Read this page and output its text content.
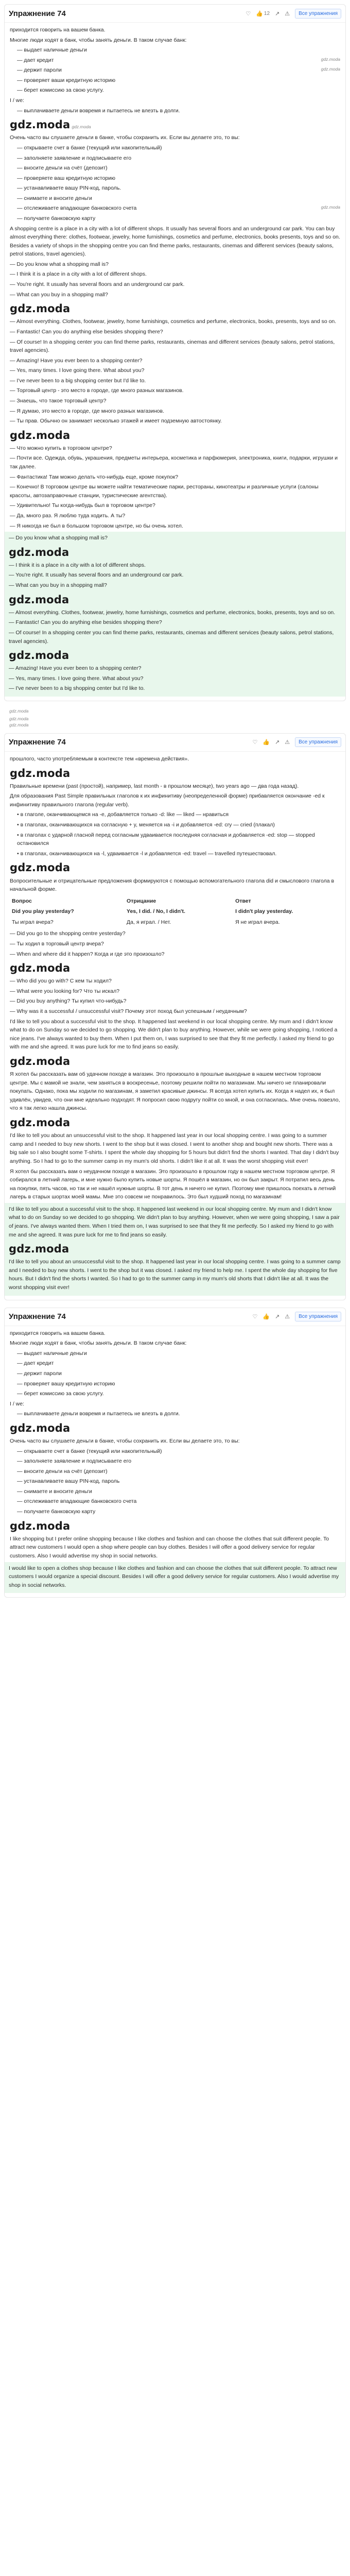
Упражнение 74	♡ 👍 12 ↗ ⚠	Все упражнения

приходится говорить на вашем банка.

Многие люди ходят в банк, чтобы занять деньги. В таком случае банк:

— выдает наличные деньги

— дает кредит	gdz.moda

— держит пароли	gdz.moda

— проверяет ваши кредитную историю

— берет комиссию за свою услугу.

I / we:

— выплачиваете деньги вовремя и пытаетесь не влезть в долги.

gdz.moda gdz.moda

Очень часто вы слушаете деньги в банке, чтобы сохранить их. Если вы делаете это, то вы:

— открываете счет в банке (текущий или накопительный)

— заполняете заявление и подписываете его

— вносите деньги на счёт (депозит)

— проверяете ваш кредитную историю

— устанавливаете вашу PIN-код, пароль.

— снимаете и вносите деньги

— отслеживаете впадающие банковского счета	gdz.moda

— получаете банковскую карту

A shopping centre is a place in a city with a lot of different shops. It usually has several floors and an underground car park. You can buy almost everything there: clothes, footwear, jewelry, home furnishings, cosmetics and perfume, electronics, books presents, toys and so on. Besides a variety of shops in the shopping centre you can find theme parks, restaurants, cinemas and different services (beauty salons, petrol stations, travel agencies).

— Do you know what a shopping mall is?

— I think it is a place in a city with a lot of different shops.

— You're right. It usually has several floors and an underground car park.

— What can you buy in a shopping mall?

gdz.moda

— Almost everything. Clothes, footwear, jewelry, home furnishings, cosmetics and perfume, electronics, books, presents, toys and so on.

— Fantastic! Can you do anything else besides shopping there?

— Of course! In a shopping center you can find theme parks, restaurants, cinemas and different services (beauty salons, petrol stations, travel agencies).

— Amazing! Have you ever been to a shopping center?

— Yes, many times. I love going there. What about you?

— I've never been to a big shopping center but I'd like to.

— Торговый центр - это место в городе, где много разных магазинов.

— Знаешь, что такое торговый центр?

— Я думаю, это место в городе, где много разных магазинов.

— Ты прав. Обычно он занимает несколько этажей и имеет подземную автостоянку.

gdz.moda

— Что можно купить в торговом центре?

— Почти все. Одежда, обувь, украшения, предметы интерьера, косметика и парфюмерия, электроника, книги, подарки, игрушки и так далее.

— Фантастика! Там можно делать что-нибудь еще, кроме покупок?

— Конечно! В торговом центре вы можете найти тематические парки, рестораны, кинотеатры и различные услуги (салоны красоты, автозаправочные станции, туристические агентства).

— Удивительно! Ты когда-нибудь был в торговом центре?

— Да, много раз. Я люблю туда ходить. А ты?

— Я никогда не был в большом торговом центре, но бы очень хотел.

— Do you know what a shopping mall is?

gdz.moda

— I think it is a place in a city with a lot of different shops.

— You're right. It usually has several floors and an underground car park.

— What can you buy in a shopping mall?

gdz.moda

— Almost everything. Clothes, footwear, jewelry, home furnishings, cosmetics and perfume, electronics, books, presents, toys and so on.

— Fantastic! Can you do anything else besides shopping there?

— Of course! In a shopping center you can find theme parks, restaurants, cinemas and different services (beauty salons, petrol stations, travel agencies).

gdz.moda

— Amazing! Have you ever been to a shopping center?

— Yes, many times. I love going there. What about you?

— I've never been to a big shopping center but I'd like to.

gdz.moda
gdz.moda
gdz.moda
Упражнение 74	♡ 👍 ↗ ⚠	Все упражнения

прошлого, часто употребляемым в контексте тем «времена действия».

gdz.moda

Правильные времени (past (простой), например, last month - в прошлом месяце), two years ago — два года назад).

Для образования Past Simple правильных глаголов к их инфинитиву (неопределенной форме) прибавляется окончание -ed к инфинитиву правильного глагола (regular verb).

• в глаголе, оканчивающемся на -e, добавляется только -d: like — liked — нравиться

• в глаголах, оканчивающихся на согласную + y, меняется на -i и добавляется -ed: cry — cried (плакал)

• в глаголах с ударной гласной перед согласным удваивается последняя согласная и добавляется -ed: stop — stopped остановился

• в глаголах, оканчивающихся на -l, удваивается -l и добавляется -ed: travel — travelled путешествовал.

gdz.moda

Вопросительные и отрицательные предложения формируются с помощью вспомогательного глагола did и смыслового глагола в начальной форме.

Вопрос	Отрицание	Ответ
Did you play yesterday?	Yes, I did. / No, I didn't.	I didn't play yesterday.
Ты играл вчера?	Да, я играл. / Нет.	Я не играл вчера.

— Did you go to the shopping centre yesterday?

— Ты ходил в торговый центр вчера?

— When and where did it happen? Когда и где это произошло?

gdz.moda

— Who did you go with? С кем ты ходил?

— What were you looking for? Что ты искал?

— Did you buy anything? Ты купил что-нибудь?

— Why was it a successful / unsuccessful visit? Почему этот поход был успешным / неудачным?

I'd like to tell you about a successful visit to the shop. It happened last weekend in our local shopping centre. My mum and I didn't know what to do on Sunday so we decided to go shopping. We didn't plan to buy anything. However, while we were going shopping, I noticed a nice jeans. I've always wanted to buy them. When I put them on, I was surprised to see that they fit me perfectly. I asked my friend to go with me and she agreed. It was pure luck for me to find jeans so easily.

gdz.moda

Я хотел бы рассказать вам об удачном походе в магазин. Это произошло в прошлые выходные в нашем местном торговом центре. Мы с мамой не знали, чем заняться в воскресенье, поэтому решили пойти по магазинам. Мы ничего не планировали покупать. Однако, пока мы ходили по магазинам, я заметил красивые джинсы. Я всегда хотел купить их. Когда я надел их, я был удивлён, увидев, что они мне идеально подходят. Я попросил свою подругу пойти со мной, и она согласилась. Мне очень повезло, что я так легко нашла джинсы.

gdz.moda

I'd like to tell you about an unsuccessful visit to the shop. It happened last year in our local shopping centre. I was going to a summer camp and I needed to buy new shorts. I went to the shop but it was closed. I went to another shop and bought new shorts. There was a big sale so I also bought some T-shirts. I spent the whole day shopping for 5 hours but didn't find the shorts I wanted. That day I didn't buy anything. So I had to go to the summer camp in my mum's old shorts. I didn't like it at all. It was the worst shopping visit ever!

Я хотел бы рассказать вам о неудачном походе в магазин. Это произошло в прошлом году в нашем местном торговом центре. Я собирался в летний лагерь, и мне нужно было купить новые шорты. Я пошёл в магазин, но он был закрыт. Я потратил весь день на покупки, пять часов, но так и не нашёл нужные шорты. В тот день я ничего не купил. Поэтому мне пришлось поехать в летний лагерь в старых шортах моей мамы. Мне это совсем не понравилось. Это был худший поход по магазинам!

I'd like to tell you about a successful visit to the shop. It happened last weekend in our local shopping centre. My mum and I didn't know what to do on Sunday so we decided to go shopping. We didn't plan to buy anything. However, when we were going shopping, I saw a pair of jeans. I've always wanted them. When I tried them on, I was surprised to see that they fit me perfectly. So I asked my friend to go with me and she agreed. It was pure luck for me to find jeans so easily.

gdz.moda

I'd like to tell you about an unsuccessful visit to the shop. It happened last year in our local shopping centre. I was going to a summer camp and I needed to buy new shorts. I went to the shop but it was closed. I asked my friend to help me. I spent the whole day shopping for five hours. But I didn't find the shorts I wanted. So I had to go to the summer camp in my mum's old shorts that I didn't like at all. It was the worst shopping visit ever!

Упражнение 74	♡ 👍 ↗ ⚠	Все упражнения

приходится говорить на вашем банка.

Многие люди ходят в банк, чтобы занять деньги. В таком случае банк:

— выдает наличные деньги

— дает кредит

— держит пароли

— проверяет вашу кредитную историю

— берет комиссию за свою услугу.

I / we:

— выплачиваете деньги вовремя и пытаетесь не влезть в долги.

gdz.moda

Очень часто вы слушаете деньги в банке, чтобы сохранить их. Если вы делаете это, то вы:

— открываете счет в банке (текущий или накопительный)

— заполняете заявление и подписываете его

— вносите деньги на счёт (депозит)

— устанавливаете вашу PIN-код, пароль

— снимаете и вносите деньги

— отслеживаете впадающие банковского счета

— получаете банковскую карту

gdz.moda

I like shopping but I prefer online shopping because I like clothes and fashion and can choose the clothes that suit different people. To attract new customers I would open a shop where people can buy clothes. Besides I will offer a good delivery service for regular customers. Also I would advertise my shop in social networks.

I would like to open a clothes shop because I like clothes and fashion and can choose the clothes that suit different people. To attract new customers I would organize a special discount. Besides I will offer a good delivery service for regular customers. Also I would advertise my shop in social networks.
